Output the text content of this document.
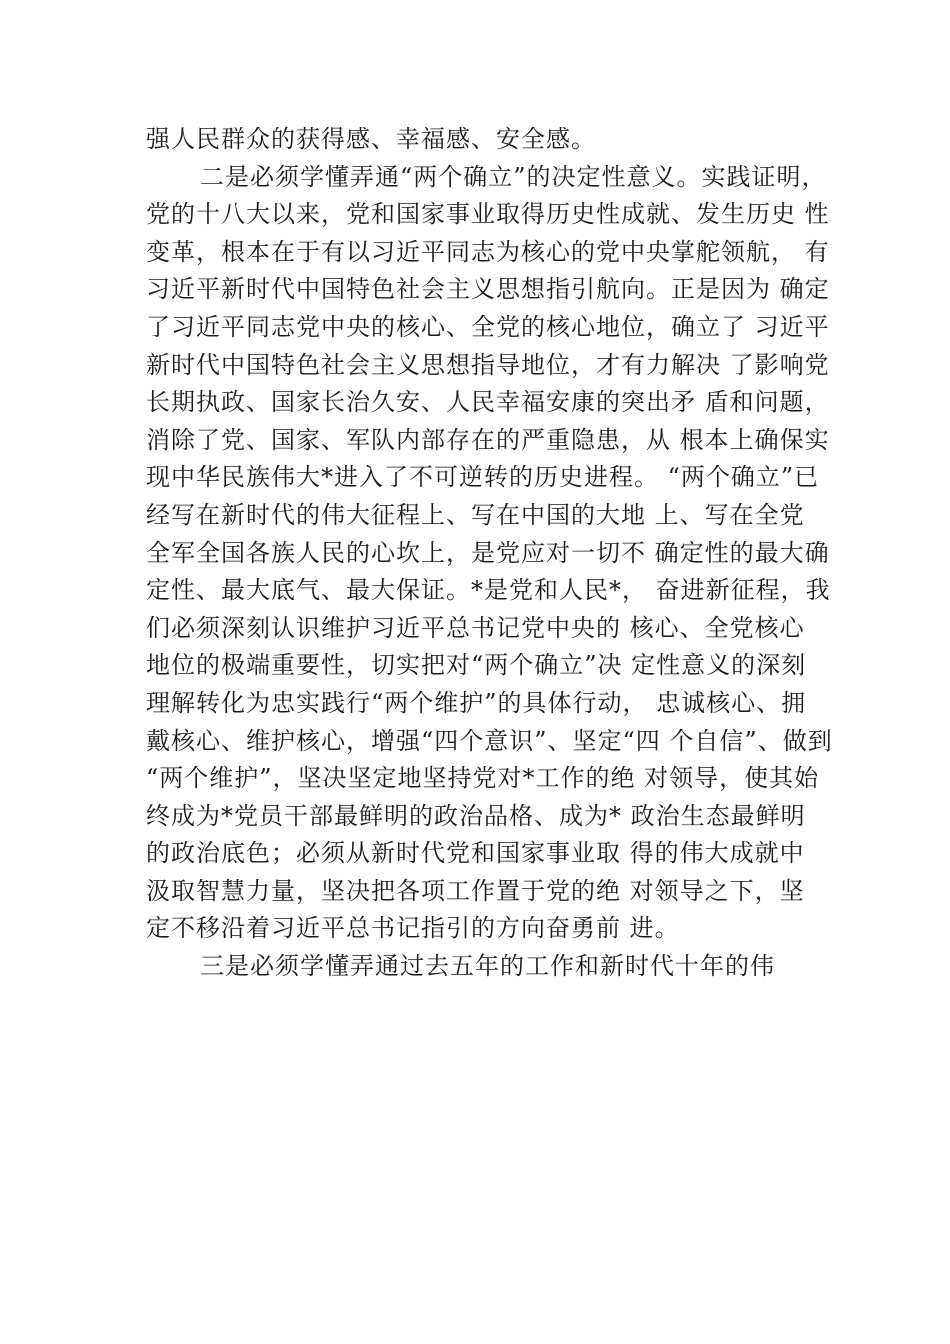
强人民群众的获得感、幸福感、安全感。
二是必须学懂弄通“两个确立”的决定性意义。实践证明，
党的十八大以来，党和国家事业取得历史性成就、发生历史 性
变革，根本在于有以习近平同志为核心的党中央掌舵领航， 有
习近平新时代中国特色社会主义思想指引航向。正是因为 确定
了习近平同志党中央的核心、全党的核心地位，确立了 习近平
新时代中国特色社会主义思想指导地位，才有力解决 了影响党
长期执政、国家长治久安、人民幸福安康的突出矛 盾和问题，
消除了党、国家、军队内部存在的严重隐患，从 根本上确保实
现中华民族伟大*进入了不可逆转的历史进程。 “两个确立”已
经写在新时代的伟大征程上、写在中国的大地 上、写在全党
全军全国各族人民的心坎上，是党应对一切不 确定性的最大确
定性、最大底气、最大保证。*是党和人民*， 奋进新征程，我
们必须深刻认识维护习近平总书记党中央的 核心、全党核心
地位的极端重要性，切实把对“两个确立”决 定性意义的深刻
理解转化为忠实践行“两个维护”的具体行动， 忠诚核心、拥
戴核心、维护核心，增强“四个意识”、坚定“四 个自信”、做到
“两个维护”，坚决坚定地坚持党对*工作的绝 对领导，使其始
终成为*党员干部最鲜明的政治品格、成为* 政治生态最鲜明
的政治底色；必须从新时代党和国家事业取 得的伟大成就中
汲取智慧力量，坚决把各项工作置于党的绝 对领导之下，坚
定不移沿着习近平总书记指引的方向奋勇前 进。
三是必须学懂弄通过去五年的工作和新时代十年的伟
